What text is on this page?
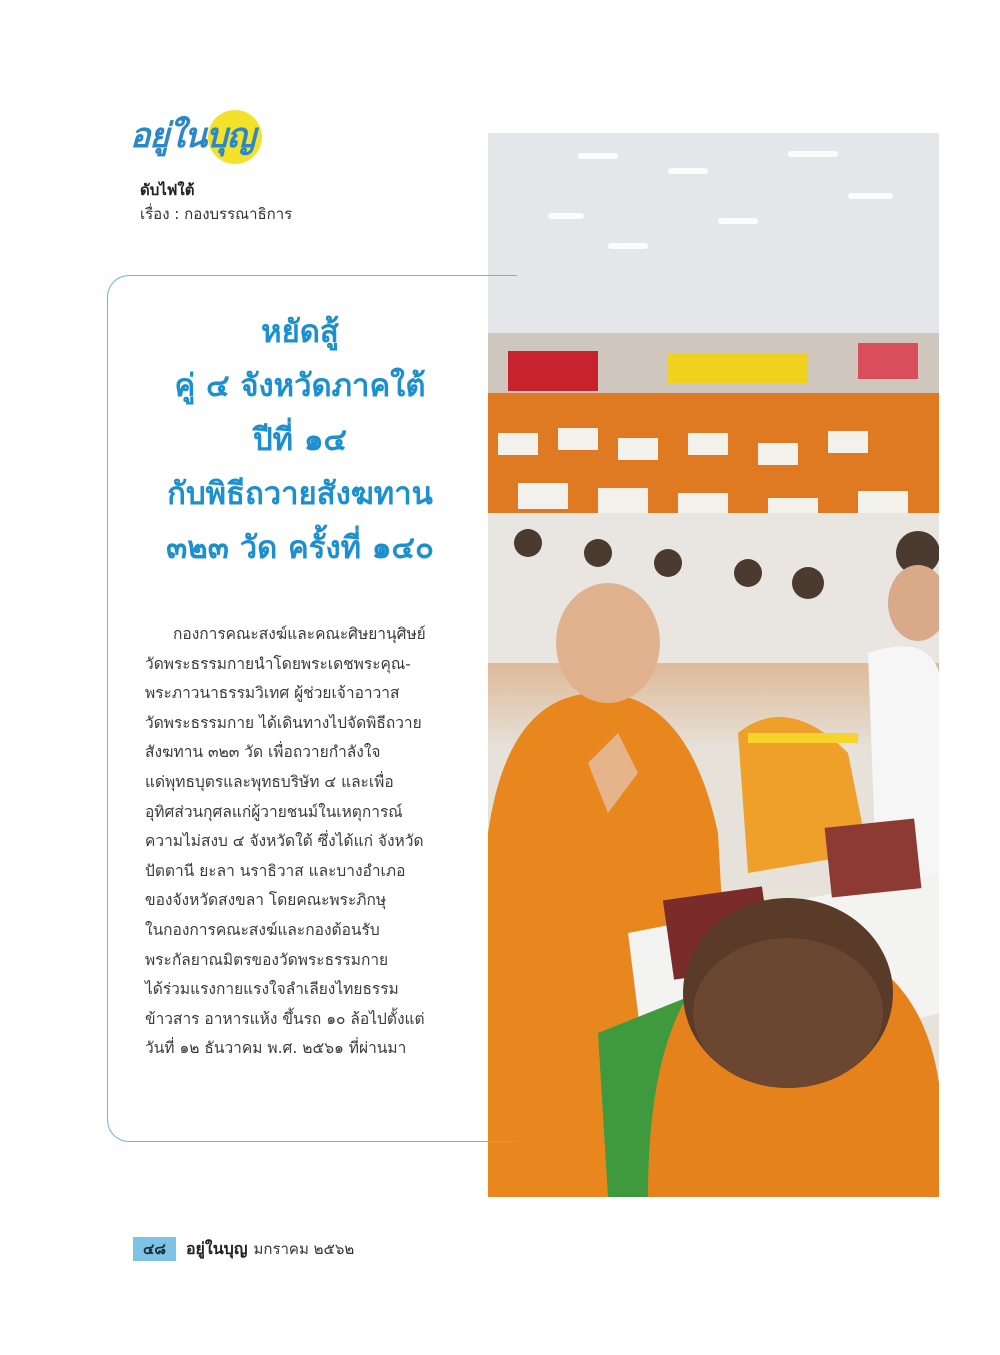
อยู่ในบุญ
ดับไฟใต้
เรื่อง : กองบรรณาธิการ
หยัดสู้
คู่ ๔ จังหวัดภาคใต้
ปีที่ ๑๔
กับพิธีถวายสังฆทาน
๓๒๓ วัด ครั้งที่ ๑๔๐
กองการคณะสงฆ์และคณะศิษยานุศิษย์
วัดพระธรรมกายนำโดยพระเดชพระคุณ-
พระภาวนาธรรมวิเทศ ผู้ช่วยเจ้าอาวาส
วัดพระธรรมกาย ได้เดินทางไปจัดพิธีถวาย
สังฆทาน ๓๒๓ วัด เพื่อถวายกำลังใจ
แด่พุทธบุตรและพุทธบริษัท ๔ และเพื่อ
อุทิศส่วนกุศลแก่ผู้วายชนม์ในเหตุการณ์
ความไม่สงบ ๔ จังหวัดใต้ ซึ่งได้แก่ จังหวัด
ปัตตานี ยะลา นราธิวาส และบางอำเภอ
ของจังหวัดสงขลา โดยคณะพระภิกษุ
ในกองการคณะสงฆ์และกองต้อนรับ
พระกัลยาณมิตรของวัดพระธรรมกาย
ได้ร่วมแรงกายแรงใจลำเลียงไทยธรรม
ข้าวสาร อาหารแห้ง ขึ้นรถ ๑๐ ล้อไปตั้งแต่
วันที่ ๑๒ ธันวาคม พ.ศ. ๒๕๖๑ ที่ผ่านมา
๔๘	อยู่ในบุญ มกราคม ๒๕๖๒
